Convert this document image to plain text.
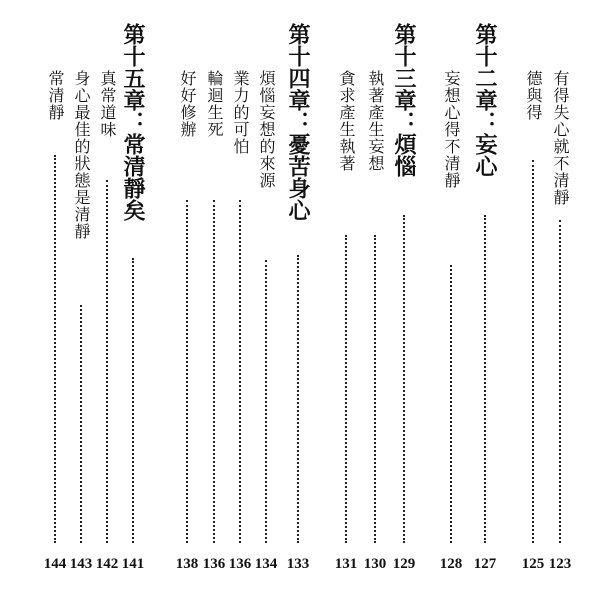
有得失心就不清靜
123
德與得
125
第十二章：妄心
127
妄想心得不清靜
128
第十三章：煩惱
129
執著產生妄想
130
貪求產生執著
131
第十四章：憂苦身心
133
煩惱妄想的來源
134
業力的可怕
136
輪迴生死
136
好好修辦
138
第十五章：常清靜矣
141
真常道味
142
身心最佳的狀態是清靜
143
常清靜
144
